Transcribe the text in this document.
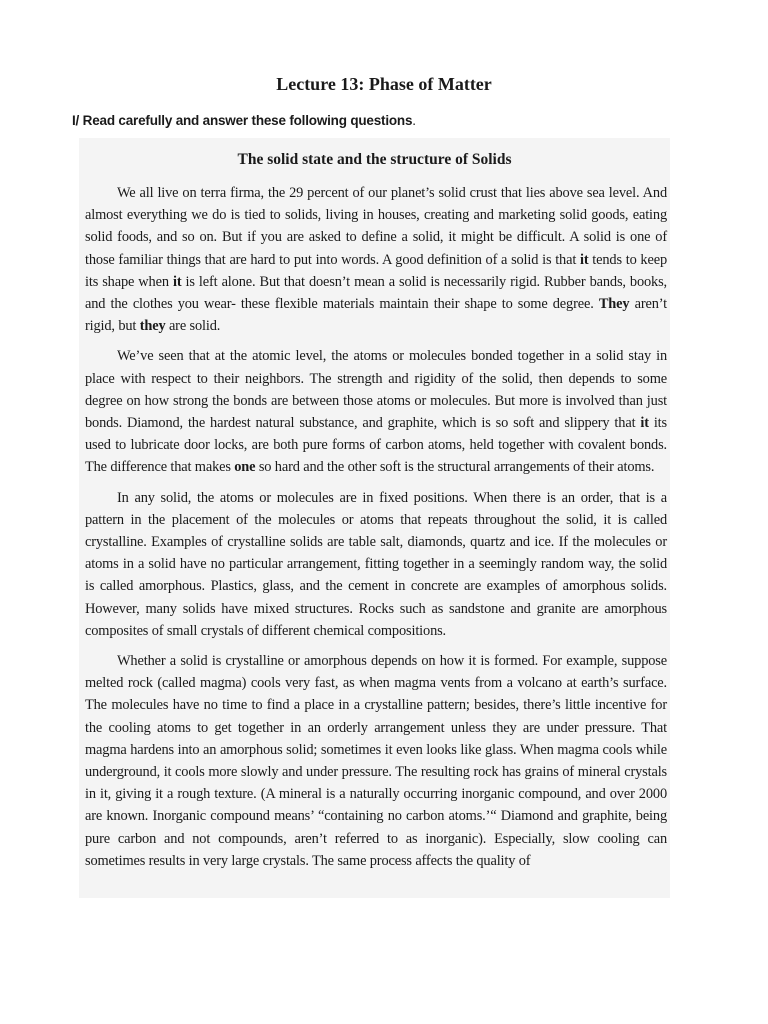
Lecture 13: Phase of Matter

I/ Read carefully and answer these following questions.

The solid state and the structure of Solids

We all live on terra firma, the 29 percent of our planet’s solid crust that lies above sea level. And almost everything we do is tied to solids, living in houses, creating and marketing solid goods, eating solid foods, and so on. But if you are asked to define a solid, it might be difficult. A solid is one of those familiar things that are hard to put into words. A good definition of a solid is that it tends to keep its shape when it is left alone. But that doesn’t mean a solid is necessarily rigid. Rubber bands, books, and the clothes you wear- these flexible materials maintain their shape to some degree. They aren’t rigid, but they are solid.

We’ve seen that at the atomic level, the atoms or molecules bonded together in a solid stay in place with respect to their neighbors. The strength and rigidity of the solid, then depends to some degree on how strong the bonds are between those atoms or molecules. But more is involved than just bonds. Diamond, the hardest natural substance, and graphite, which is so soft and slippery that it its used to lubricate door locks, are both pure forms of carbon atoms, held together with covalent bonds. The difference that makes one so hard and the other soft is the structural arrangements of their atoms.

In any solid, the atoms or molecules are in fixed positions. When there is an order, that is a pattern in the placement of the molecules or atoms that repeats throughout the solid, it is called crystalline. Examples of crystalline solids are table salt, diamonds, quartz and ice. If the molecules or atoms in a solid have no particular arrangement, fitting together in a seemingly random way, the solid is called amorphous. Plastics, glass, and the cement in concrete are examples of amorphous solids. However, many solids have mixed structures. Rocks such as sandstone and granite are amorphous composites of small crystals of different chemical compositions.

Whether a solid is crystalline or amorphous depends on how it is formed. For example, suppose melted rock (called magma) cools very fast, as when magma vents from a volcano at earth’s surface. The molecules have no time to find a place in a crystalline pattern; besides, there’s little incentive for the cooling atoms to get together in an orderly arrangement unless they are under pressure. That magma hardens into an amorphous solid; sometimes it even looks like glass. When magma cools while underground, it cools more slowly and under pressure. The resulting rock has grains of mineral crystals in it, giving it a rough texture. (A mineral is a naturally occurring inorganic compound, and over 2000 are known. Inorganic compound means’ “containing no carbon atoms.’“ Diamond and graphite, being pure carbon and not compounds, aren’t referred to as inorganic). Especially, slow cooling can sometimes results in very large crystals. The same process affects the quality of
